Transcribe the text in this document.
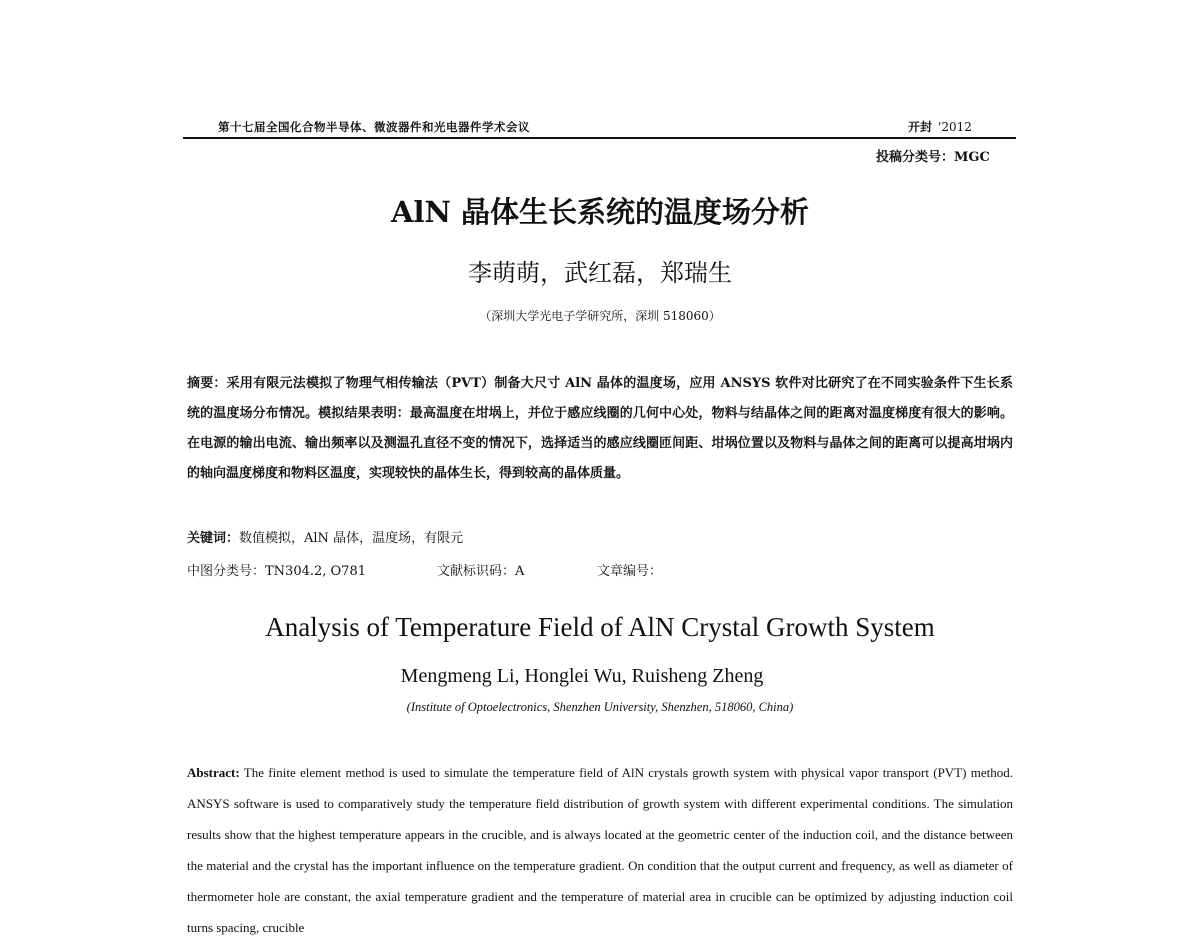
第十七届全国化合物半导体、微波器件和光电器件学术会议	开封 '2012
投稿分类号：MGC
AlN 晶体生长系统的温度场分析
李萌萌，武红磊，郑瑞生
（深圳大学光电子学研究所，深圳 518060）
摘要：采用有限元法模拟了物理气相传输法（PVT）制备大尺寸 AlN 晶体的温度场，应用 ANSYS 软件对比研究了在不同实验条件下生长系统的温度场分布情况。模拟结果表明：最高温度在坩埚上，并位于感应线圈的几何中心处，物料与结晶体之间的距离对温度梯度有很大的影响。在电源的输出电流、输出频率以及测温孔直径不变的情况下，选择适当的感应线圈匝间距、坩埚位置以及物料与晶体之间的距离可以提高坩埚内的轴向温度梯度和物料区温度，实现较快的晶体生长，得到较高的晶体质量。
关键词：数值模拟，AlN 晶体，温度场，有限元
中图分类号：TN304.2, O781	文献标识码：A	文章编号：
Analysis of Temperature Field of AlN Crystal Growth System
Mengmeng Li, Honglei Wu, Ruisheng Zheng
(Institute of Optoelectronics, Shenzhen University, Shenzhen, 518060, China)
Abstract: The finite element method is used to simulate the temperature field of AlN crystals growth system with physical vapor transport (PVT) method. ANSYS software is used to comparatively study the temperature field distribution of growth system with different experimental conditions. The simulation results show that the highest temperature appears in the crucible, and is always located at the geometric center of the induction coil, and the distance between the material and the crystal has the important influence on the temperature gradient. On condition that the output current and frequency, as well as diameter of thermometer hole are constant, the axial temperature gradient and the temperature of material area in crucible can be optimized by adjusting induction coil turns spacing, crucible
